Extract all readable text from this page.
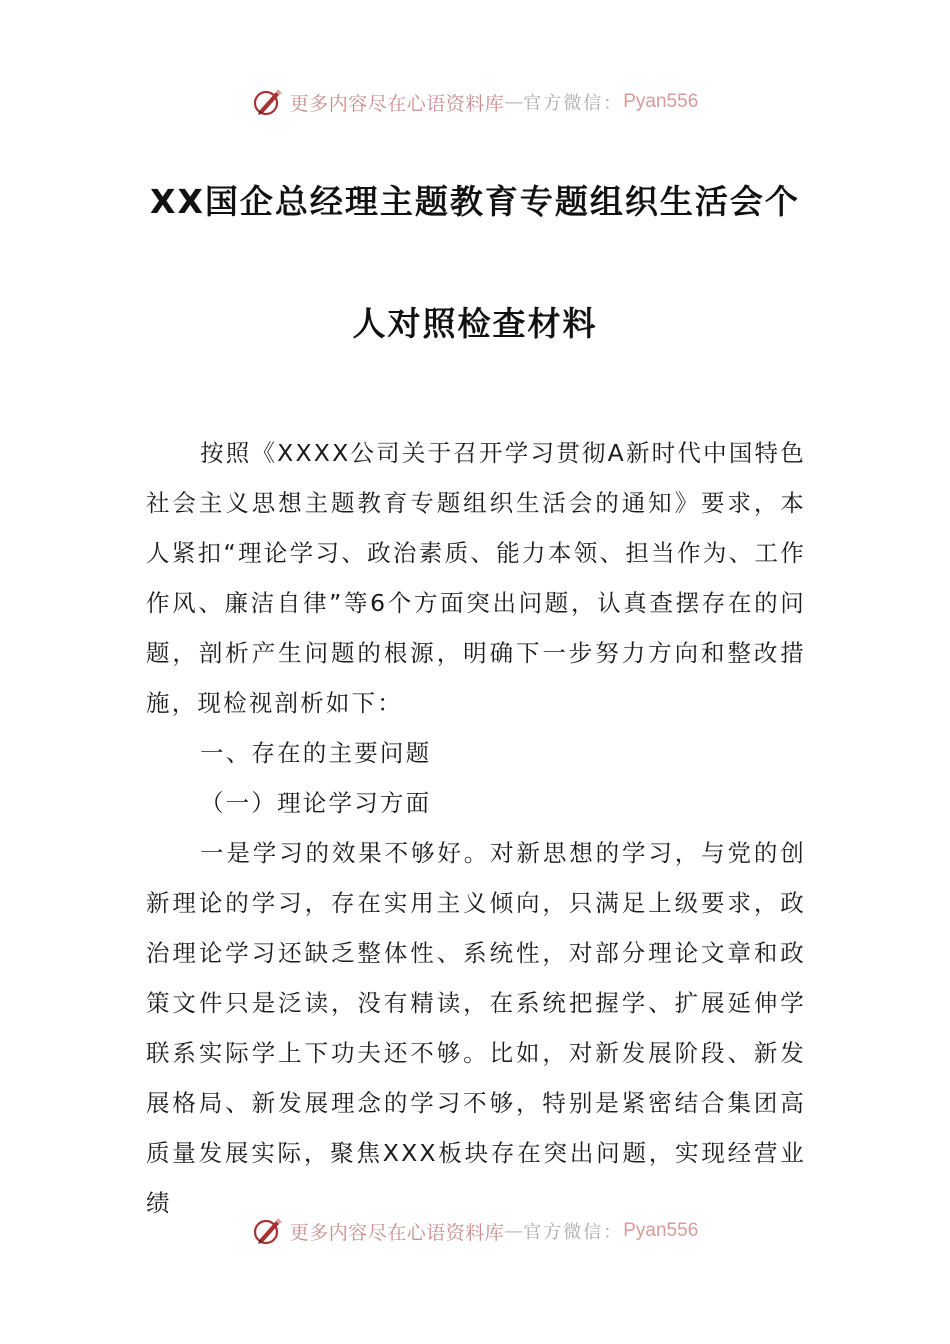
更多内容尽在心语资料库 — 官方微信： Pyan556
XX国企总经理主题教育专题组织生活会个
人对照检查材料

按照《XXXX公司关于召开学习贯彻A新时代中国特色社会主义思想主题教育专题组织生活会的通知》要求，本人紧扣“理论学习、政治素质、能力本领、担当作为、工作作风、廉洁自律”等6个方面突出问题，认真查摆存在的问题，剖析产生问题的根源，明确下一步努力方向和整改措施，现检视剖析如下：

一、存在的主要问题

（一）理论学习方面

一是学习的效果不够好。对新思想的学习，与党的创新理论的学习，存在实用主义倾向，只满足上级要求，政治理论学习还缺乏整体性、系统性，对部分理论文章和政策文件只是泛读，没有精读，在系统把握学、扩展延伸学联系实际学上下功夫还不够。比如，对新发展阶段、新发展格局、新发展理念的学习不够，特别是紧密结合集团高质量发展实际，聚焦XXX板块存在突出问题，实现经营业绩

更多内容尽在心语资料库 — 官方微信： Pyan556
